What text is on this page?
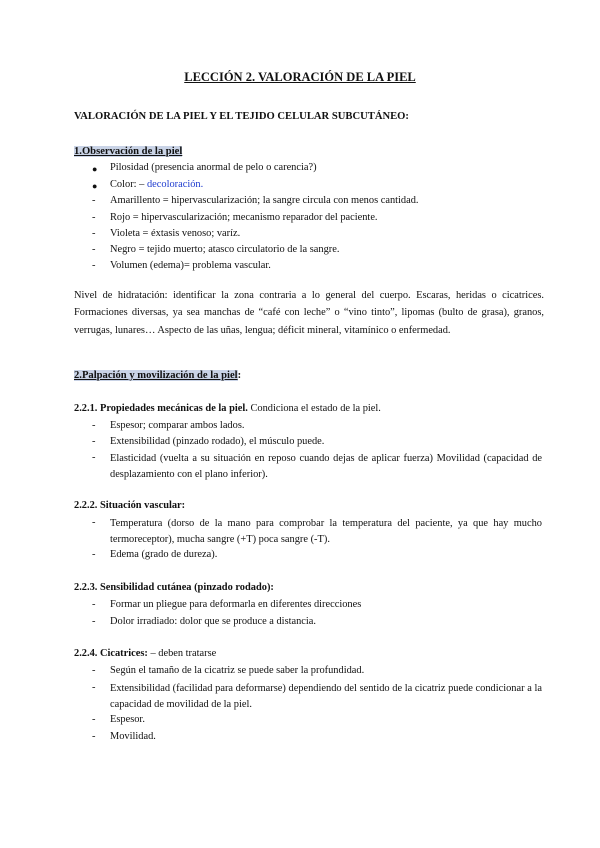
LECCIÓN 2. VALORACIÓN DE LA PIEL
VALORACIÓN DE LA PIEL Y EL TEJIDO CELULAR SUBCUTÁNEO:
1.Observación de la piel
● Pilosidad (presencia anormal de pelo o carencia?)
● Color: – decoloración.
- Amarillento = hipervascularización; la sangre circula con menos cantidad.
- Rojo = hipervascularización; mecanismo reparador del paciente.
- Violeta = éxtasis venoso; varíz.
- Negro = tejido muerto; atasco circulatorio de la sangre.
- Volumen (edema)= problema vascular.
Nivel de hidratación: identificar la zona contraria a lo general del cuerpo. Escaras, heridas o cicatrices. Formaciones diversas, ya sea manchas de “café con leche” o “vino tinto”, lipomas (bulto de grasa), granos, verrugas, lunares… Aspecto de las uñas, lengua; déficit mineral, vitamínico o enfermedad.
2.Palpación y movilización de la piel:
2.2.1. Propiedades mecánicas de la piel. Condiciona el estado de la piel.
- Espesor; comparar ambos lados.
- Extensibilidad (pinzado rodado), el músculo puede.
- Elasticidad (vuelta a su situación en reposo cuando dejas de aplicar fuerza) Movilidad (capacidad de desplazamiento con el plano inferior).
2.2.2. Situación vascular:
- Temperatura (dorso de la mano para comprobar la temperatura del paciente, ya que hay mucho termoreceptor), mucha sangre (+T) poca sangre (-T).
- Edema (grado de dureza).
2.2.3. Sensibilidad cutánea (pinzado rodado):
- Formar un pliegue para deformarla en diferentes direcciones
- Dolor irradiado: dolor que se produce a distancia.
2.2.4. Cicatrices: – deben tratarse
- Según el tamaño de la cicatriz se puede saber la profundidad.
- Extensibilidad (facilidad para deformarse) dependiendo del sentido de la cicatriz puede condicionar a la capacidad de movilidad de la piel.
- Espesor.
- Movilidad.
